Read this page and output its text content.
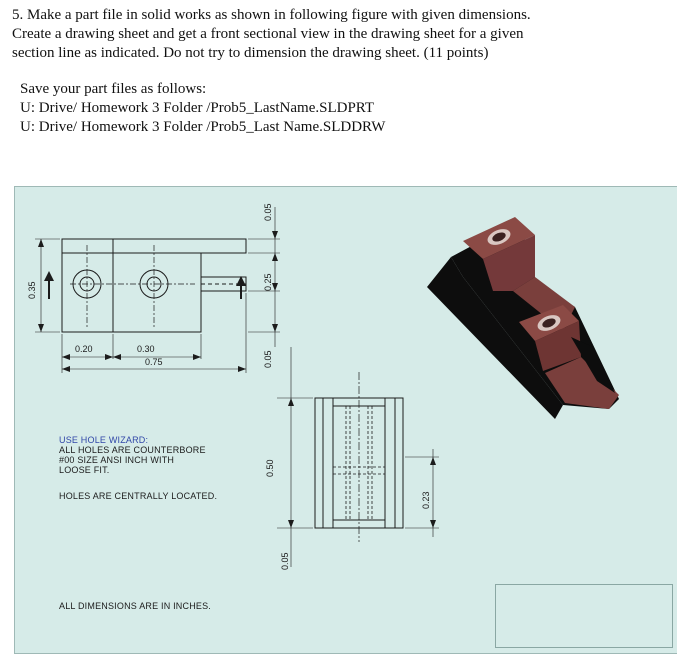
5. Make a part file in solid works as shown in following figure with given dimensions.

Create a drawing sheet and get a front sectional view in the drawing sheet for a given

section line as indicated. Do not try to dimension the drawing sheet. (11 points)

Save your part files as follows:
U: Drive/ Homework 3 Folder /Prob5_LastName.SLDPRT
U: Drive/ Homework 3 Folder /Prob5_Last Name.SLDDRW
0.35
0.20	0.30
0.75
0.05
0.25
0.05
0.50
0.05
0.23
USE HOLE WIZARD:
ALL HOLES ARE COUNTERBORE
#00 SIZE ANSI INCH WITH
LOOSE FIT.
HOLES ARE CENTRALLY LOCATED.
ALL DIMENSIONS ARE IN INCHES.
